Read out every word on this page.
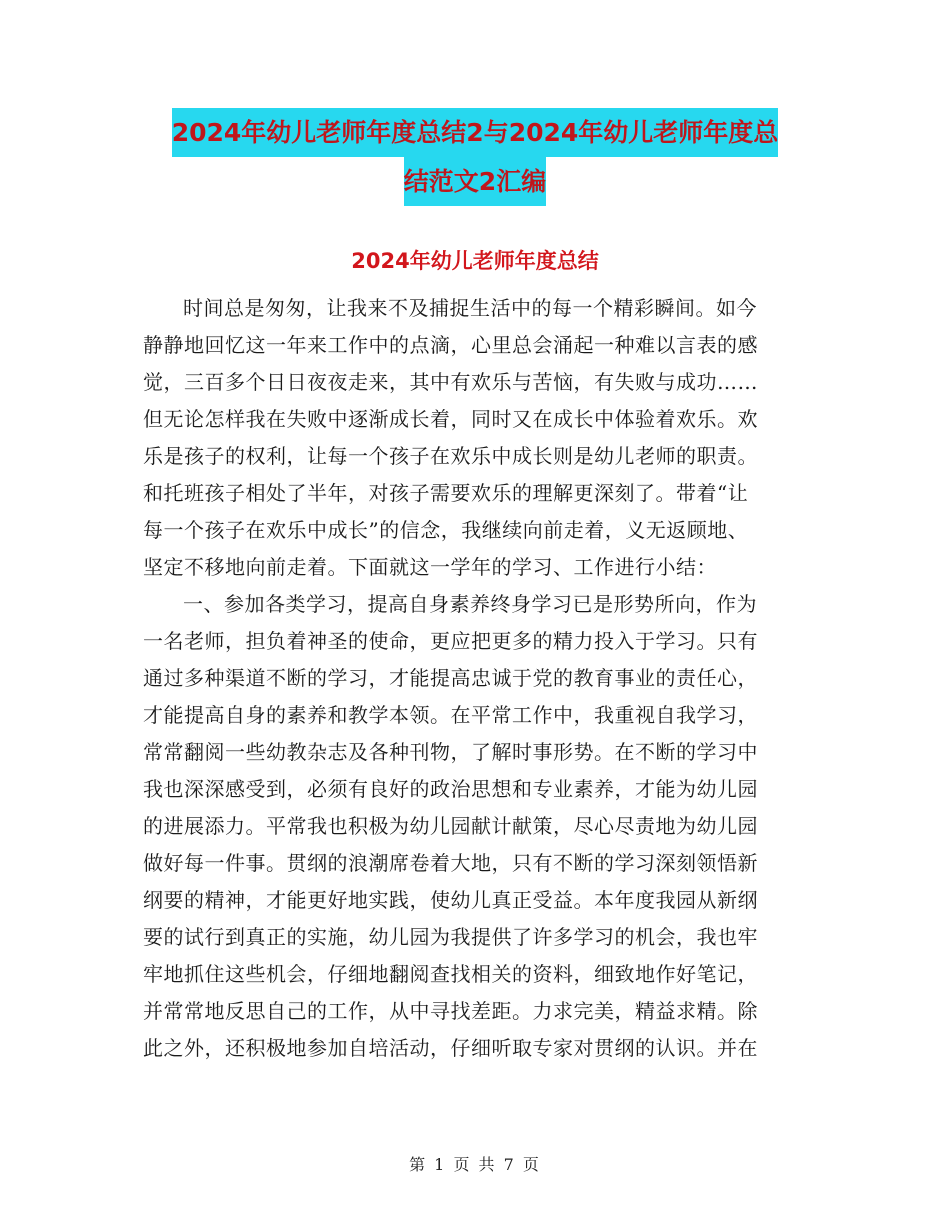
2024年幼儿老师年度总结2与2024年幼儿老师年度总
结范文2汇编
2024年幼儿老师年度总结
时间总是匆匆，让我来不及捕捉生活中的每一个精彩瞬间。如今
静静地回忆这一年来工作中的点滴，心里总会涌起一种难以言表的感
觉，三百多个日日夜夜走来，其中有欢乐与苦恼，有失败与成功……
但无论怎样我在失败中逐渐成长着，同时又在成长中体验着欢乐。欢
乐是孩子的权利，让每一个孩子在欢乐中成长则是幼儿老师的职责。
和托班孩子相处了半年，对孩子需要欢乐的理解更深刻了。带着“让
每一个孩子在欢乐中成长”的信念，我继续向前走着，义无返顾地、
坚定不移地向前走着。下面就这一学年的学习、工作进行小结：
一、参加各类学习，提高自身素养终身学习已是形势所向，作为
一名老师，担负着神圣的使命，更应把更多的精力投入于学习。只有
通过多种渠道不断的学习，才能提高忠诚于党的教育事业的责任心，
才能提高自身的素养和教学本领。在平常工作中，我重视自我学习，
常常翻阅一些幼教杂志及各种刊物，了解时事形势。在不断的学习中
我也深深感受到，必须有良好的政治思想和专业素养，才能为幼儿园
的进展添力。平常我也积极为幼儿园献计献策，尽心尽责地为幼儿园
做好每一件事。贯纲的浪潮席卷着大地，只有不断的学习深刻领悟新
纲要的精神，才能更好地实践，使幼儿真正受益。本年度我园从新纲
要的试行到真正的实施，幼儿园为我提供了许多学习的机会，我也牢
牢地抓住这些机会，仔细地翻阅查找相关的资料，细致地作好笔记，
并常常地反思自己的工作，从中寻找差距。力求完美，精益求精。除
此之外，还积极地参加自培活动，仔细听取专家对贯纲的认识。并在
第 1 页 共 7 页
